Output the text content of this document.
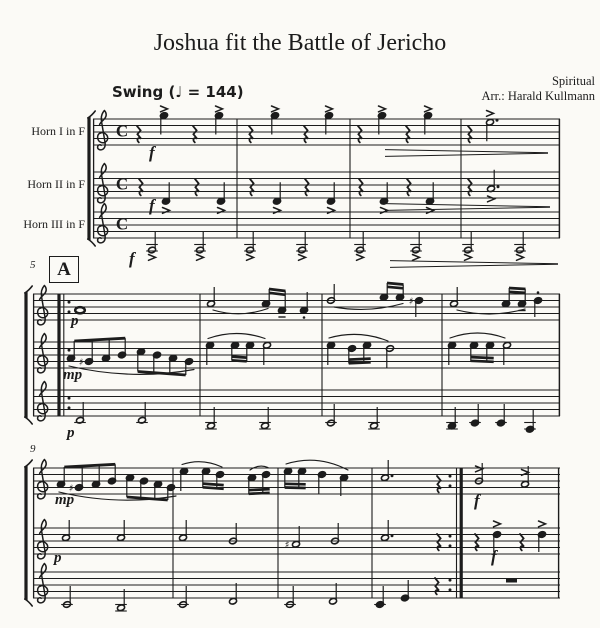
C
C
C
♯
♯
♯
♯
Joshua fit the Battle of Jericho
Spiritual
Arr.: Harald Kullmann
Swing (♩ = 144)
Horn I in F
Horn II in F
Horn III in F
5
9
A
f
f
f
p
mp
p
mp
p
f
f
